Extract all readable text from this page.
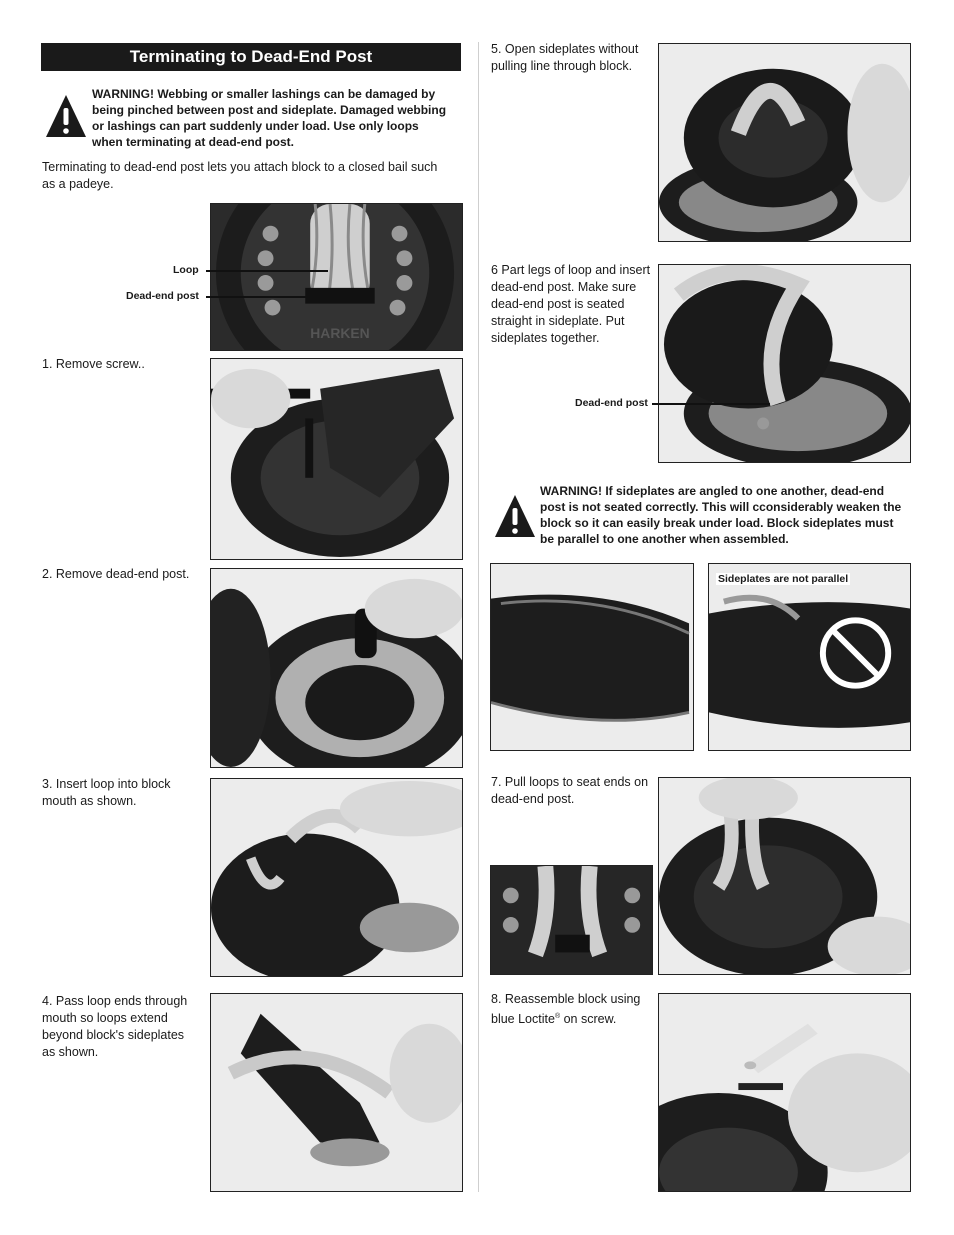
Terminating to Dead-End Post
WARNING! Webbing or smaller lashings can be damaged by being pinched between post and sideplate. Damaged webbing or lashings can part suddenly under load. Use only loops when terminating at dead-end post.
Terminating to dead-end post lets you attach block to a closed bail such as a padeye.
HARKEN
Loop
Dead-end post
1. Remove screw..
2. Remove dead-end post.
3. Insert loop into block mouth as shown.
4. Pass loop ends through mouth so loops extend beyond block's sideplates as shown.
5. Open sideplates without pulling line through block.
6 Part legs of loop and insert dead-end post. Make sure dead-end post is seated straight in sideplate. Put sideplates together.
Dead-end post
WARNING! If sideplates are angled to one another, dead-end post is not seated correctly. This will cconsiderably weaken the block so it can easily break under load. Block sideplates must be parallel to one another when assembled.
Sideplates are not parallel
7. Pull loops to seat ends on dead-end post.
8. Reassemble block using blue Loctite® on screw.
